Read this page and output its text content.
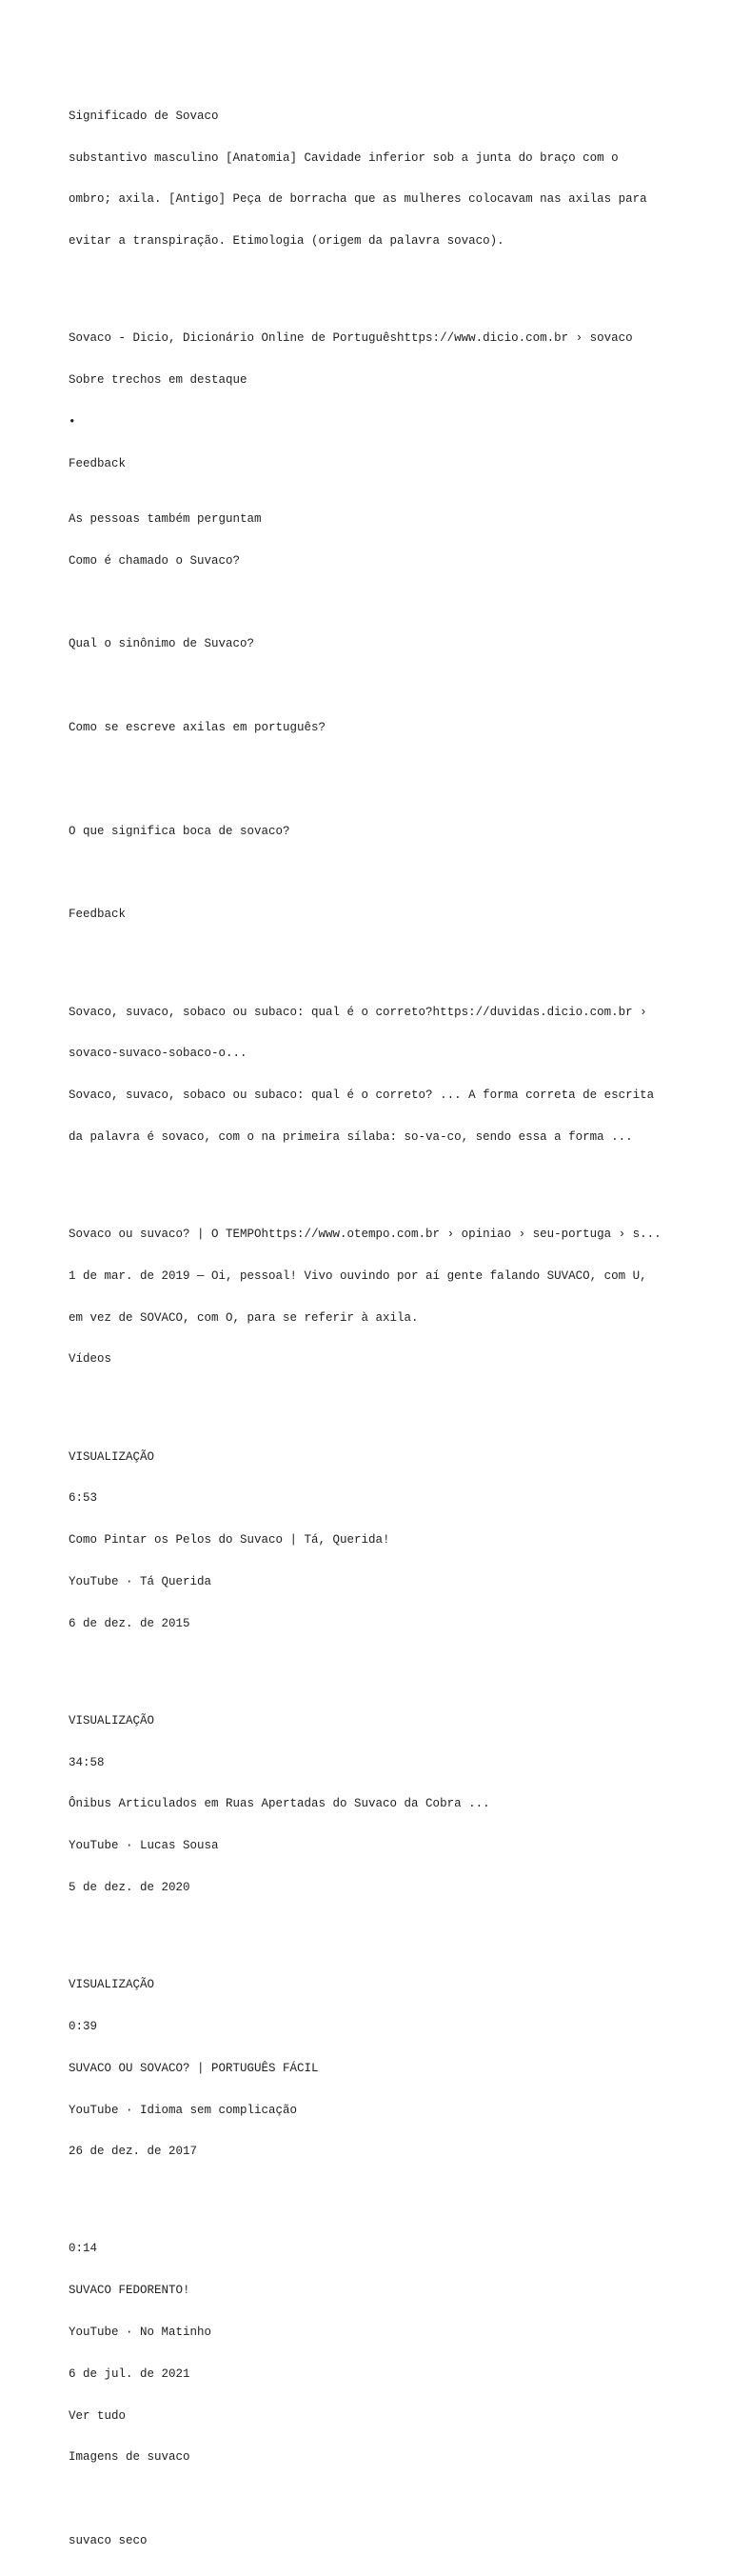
Significado de Sovaco

substantivo masculino [Anatomia] Cavidade inferior sob a junta do braço com o

ombro; axila. [Antigo] Peça de borracha que as mulheres colocavam nas axilas para

evitar a transpiração. Etimologia (origem da palavra sovaco).

Sovaco - Dicio, Dicionário Online de Portuguêshttps://www.dicio.com.br › sovaco

Sobre trechos em destaque

•

Feedback

As pessoas também perguntam

Como é chamado o Suvaco?

Qual o sinônimo de Suvaco?

Como se escreve axilas em português?

O que significa boca de sovaco?

Feedback

Sovaco, suvaco, sobaco ou subaco: qual é o correto?https://duvidas.dicio.com.br ›

sovaco-suvaco-sobaco-o...

Sovaco, suvaco, sobaco ou subaco: qual é o correto? ... A forma correta de escrita

da palavra é sovaco, com o na primeira sílaba: so-va-co, sendo essa a forma ...

Sovaco ou suvaco? | O TEMPOhttps://www.otempo.com.br › opiniao › seu-portuga › s...

1 de mar. de 2019 — Oi, pessoal! Vivo ouvindo por aí gente falando SUVACO, com U,

em vez de SOVACO, com O, para se referir à axila.

Vídeos

VISUALIZAÇÃO

6:53

Como Pintar os Pelos do Suvaco | Tá, Querida!

YouTube · Tá Querida

6 de dez. de 2015

VISUALIZAÇÃO

34:58

Ônibus Articulados em Ruas Apertadas do Suvaco da Cobra ...

YouTube · Lucas Sousa

5 de dez. de 2020

VISUALIZAÇÃO

0:39

SUVACO OU SOVACO? | PORTUGUÊS FÁCIL

YouTube · Idioma sem complicação

26 de dez. de 2017

0:14

SUVACO FEDORENTO!

YouTube · No Matinho

6 de jul. de 2021

Ver tudo

Imagens de suvaco

suvaco seco
